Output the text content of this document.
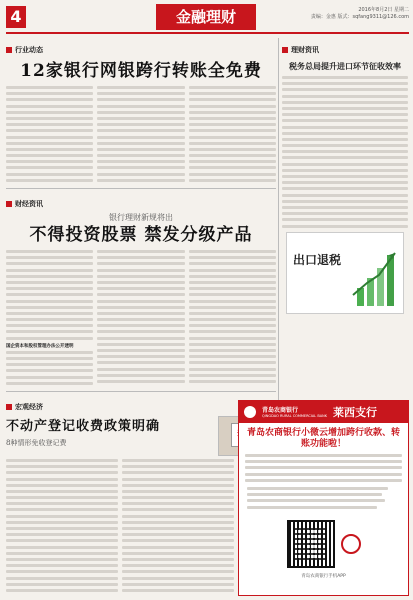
4	金融理财	2016年8月2日 星期二
责编：金惠 版式：sqfang9311@126.com
行业动态
12家银行网银跨行转账全免费
财经资讯
银行理财新规将出
不得投资股票 禁发分级产品
国企资本和股权管理办法公开透明
宏观经济
不动产登记收费政策明确
8种情形免收登记费
理财资讯
税务总局提升进口环节征收效率
出口退税
青岛农商银行
QINGDAO RURAL COMMERCIAL BANK 莱西支行
青岛农商银行小微云增加跨行收款、转账功能啦！
青岛农商银行手机APP
